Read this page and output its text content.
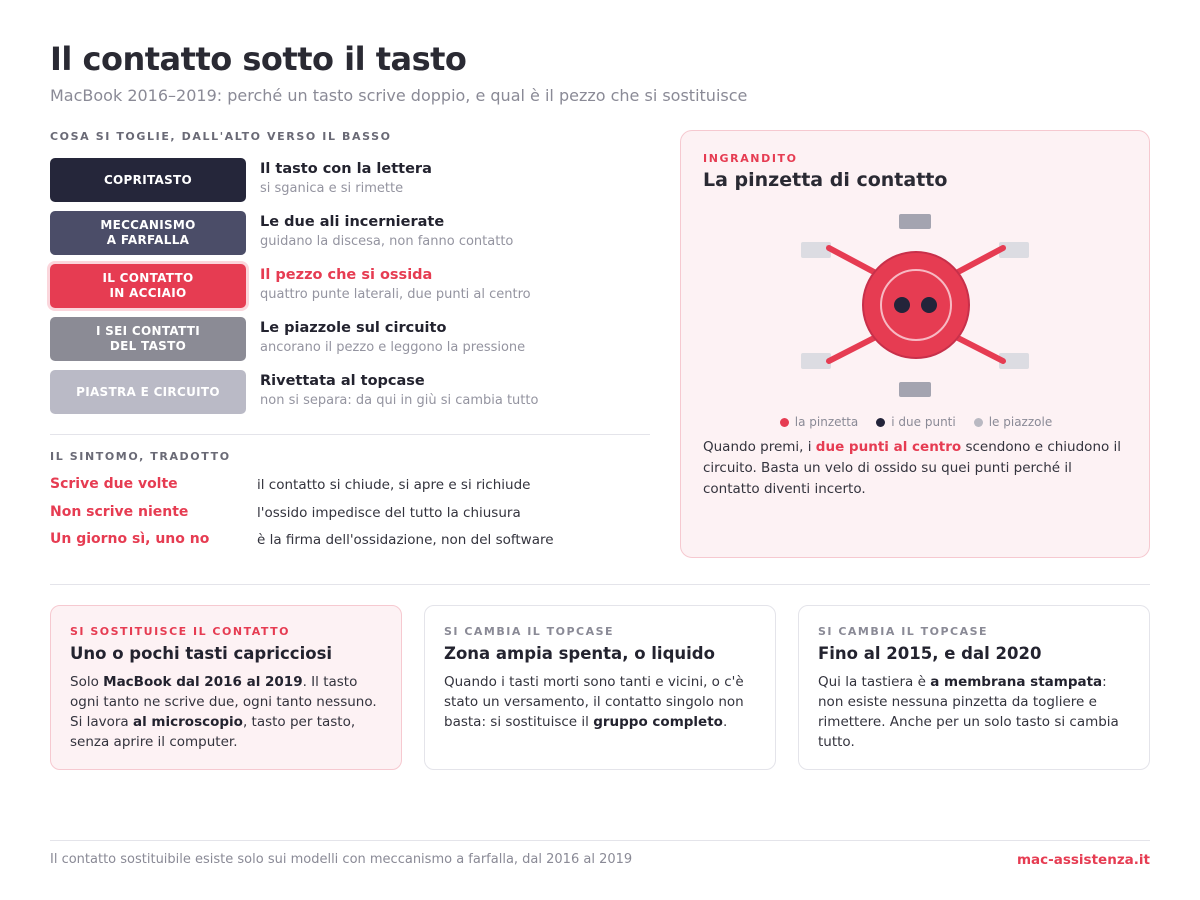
Il contatto sotto il tasto
MacBook 2016–2019: perché un tasto scrive doppio, e qual è il pezzo che si sostituisce
COSA SI TOGLIE, DALL'ALTO VERSO IL BASSO
COPRITASTO
Il tasto con la lettera
si sganica e si rimette
MECCANISMO
A FARFALLA
Le due ali incernierate
guidano la discesa, non fanno contatto
IL CONTATTO
IN ACCIAIO
Il pezzo che si ossida
quattro punte laterali, due punti al centro
I SEI CONTATTI
DEL TASTO
Le piazzole sul circuito
ancorano il pezzo e leggono la pressione
PIASTRA E CIRCUITO
Rivettata al topcase
non si separa: da qui in giù si cambia tutto
IL SINTOMO, TRADOTTO
Scrive due volte	il contatto si chiude, si apre e si richiude
Non scrive niente	l'ossido impedisce del tutto la chiusura
Un giorno sì, uno no	è la firma dell'ossidazione, non del software
INGRANDITO
La pinzetta di contatto
la pinzetta	i due punti	le piazzole
Quando premi, i due punti al centro scendono e chiudono il circuito. Basta un velo di ossido su quei punti perché il contatto diventi incerto.
SI SOSTITUISCE IL CONTATTO
Uno o pochi tasti capricciosi
Solo MacBook dal 2016 al 2019. Il tasto ogni tanto ne scrive due, ogni tanto nessuno. Si lavora al microscopio, tasto per tasto, senza aprire il computer.
SI CAMBIA IL TOPCASE
Zona ampia spenta, o liquido
Quando i tasti morti sono tanti e vicini, o c'è stato un versamento, il contatto singolo non basta: si sostituisce il gruppo completo.
SI CAMBIA IL TOPCASE
Fino al 2015, e dal 2020
Qui la tastiera è a membrana stampata: non esiste nessuna pinzetta da togliere e rimettere. Anche per un solo tasto si cambia tutto.
Il contatto sostituibile esiste solo sui modelli con meccanismo a farfalla, dal 2016 al 2019	mac-assistenza.it
